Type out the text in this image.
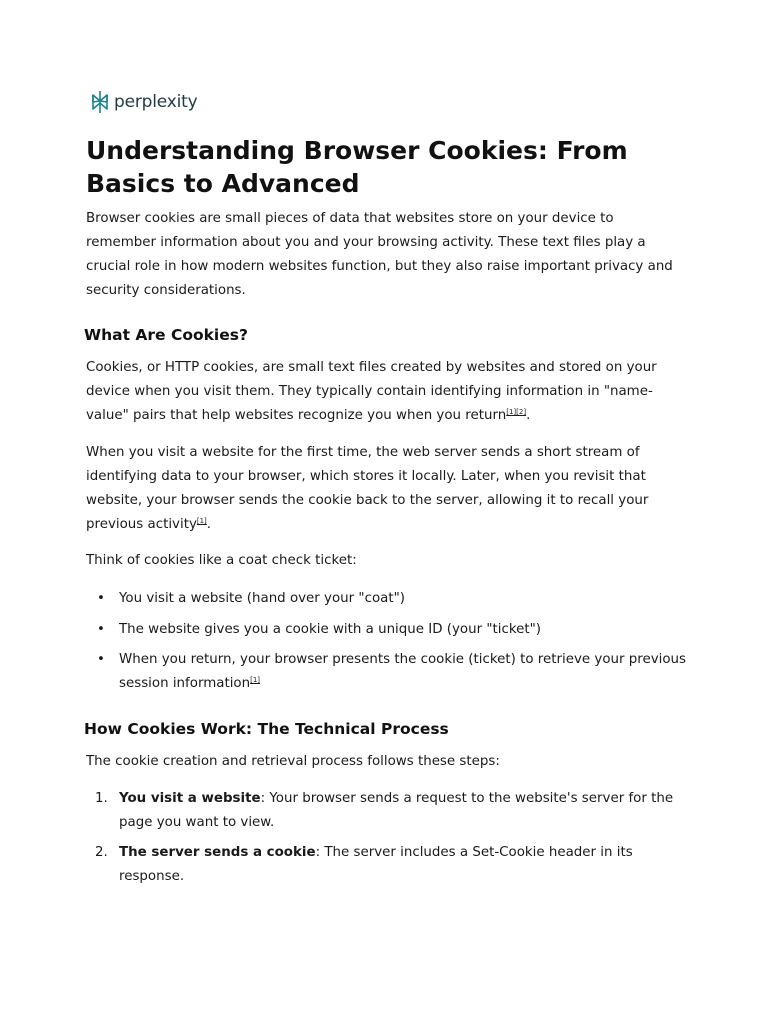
perplexity
Understanding Browser Cookies: From Basics to Advanced

Browser cookies are small pieces of data that websites store on your device to remember information about you and your browsing activity. These text files play a crucial role in how modern websites function, but they also raise important privacy and security considerations.

What Are Cookies?

Cookies, or HTTP cookies, are small text files created by websites and stored on your device when you visit them. They typically contain identifying information in "name-value" pairs that help websites recognize you when you return[1][2].

When you visit a website for the first time, the web server sends a short stream of identifying data to your browser, which stores it locally. Later, when you revisit that website, your browser sends the cookie back to the server, allowing it to recall your previous activity[1].

Think of cookies like a coat check ticket:

• You visit a website (hand over your "coat")
• The website gives you a cookie with a unique ID (your "ticket")
• When you return, your browser presents the cookie (ticket) to retrieve your previous session information[1]
How Cookies Work: The Technical Process

The cookie creation and retrieval process follows these steps:

1. You visit a website: Your browser sends a request to the website's server for the page you want to view.
2. The server sends a cookie: The server includes a Set-Cookie header in its response.
